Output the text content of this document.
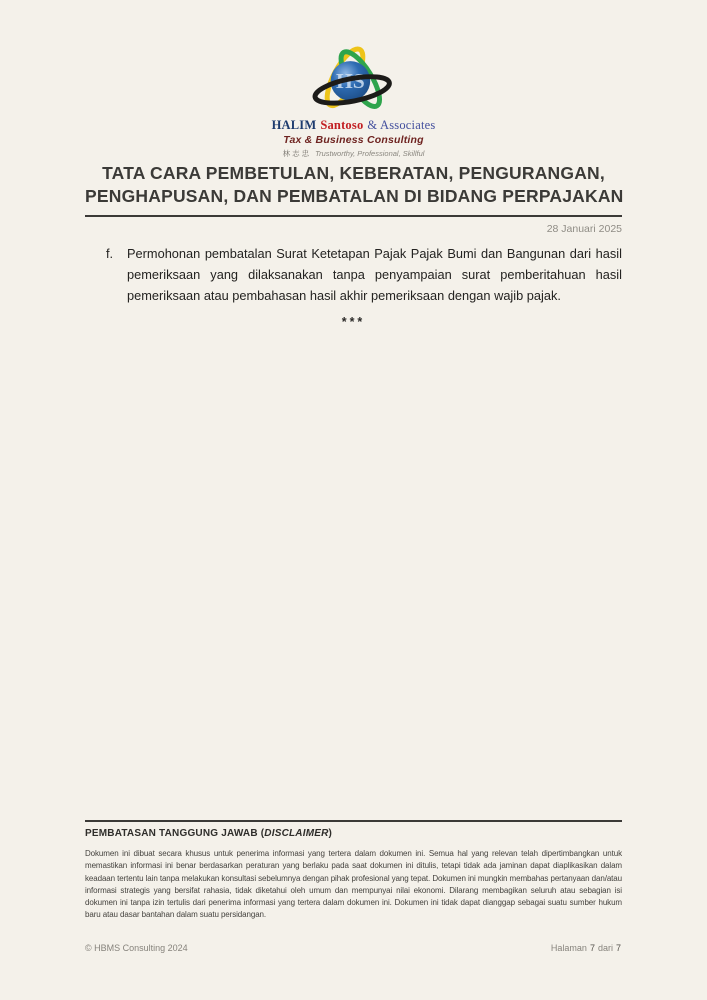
HS
HALIM Santoso & Associates
Tax & Business Consulting
林志忠 Trustworthy, Professional, Skillful
TATA CARA PEMBETULAN, KEBERATAN, PENGURANGAN,
PENGHAPUSAN, DAN PEMBATALAN DI BIDANG PERPAJAKAN
28 Januari 2025
f.	Permohonan pembatalan Surat Ketetapan Pajak Pajak Bumi dan Bangunan dari hasil pemeriksaan yang dilaksanakan tanpa penyampaian surat pemberitahuan hasil pemeriksaan atau pembahasan hasil akhir pemeriksaan dengan wajib pajak.
***
PEMBATASAN TANGGUNG JAWAB (DISCLAIMER)
Dokumen ini dibuat secara khusus untuk penerima informasi yang tertera dalam dokumen ini. Semua hal yang relevan telah dipertimbangkan untuk memastikan informasi ini benar berdasarkan peraturan yang berlaku pada saat dokumen ini ditulis, tetapi tidak ada jaminan dapat diaplikasikan dalam keadaan tertentu lain tanpa melakukan konsultasi sebelumnya dengan pihak profesional yang tepat. Dokumen ini mungkin membahas pertanyaan dan/atau informasi strategis yang bersifat rahasia, tidak diketahui oleh umum dan mempunyai nilai ekonomi. Dilarang membagikan seluruh atau sebagian isi dokumen ini tanpa izin tertulis dari penerima informasi yang tertera dalam dokumen ini. Dokumen ini tidak dapat dianggap sebagai suatu sumber hukum baru atau dasar bantahan dalam suatu persidangan.
© HBMS Consulting 2024	Halaman 7 dari 7
